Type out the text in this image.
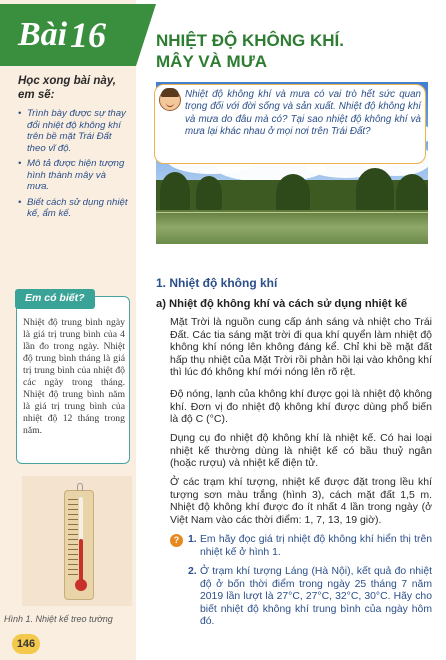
Bài 16
Học xong bài này, em sẽ:
• Trình bày được sự thay đổi nhiệt độ không khí trên bề mặt Trái Đất theo vĩ độ.
• Mô tả được hiện tượng hình thành mây và mưa.
• Biết cách sử dụng nhiệt kế, ẩm kế.
Em có biết?
Nhiệt độ trung bình ngày là giá trị trung bình của 4 lần đo trong ngày. Nhiệt độ trung bình tháng là giá trị trung bình của nhiệt độ các ngày trong tháng. Nhiệt độ trung bình năm là giá trị trung bình của nhiệt độ 12 tháng trong năm.
Hình 1. Nhiệt kế treo tường
146
NHIỆT ĐỘ KHÔNG KHÍ.
MÂY VÀ MƯA
Nhiệt độ không khí và mưa có vai trò hết sức quan trọng đối với đời sống và sản xuất. Nhiệt độ không khí và mưa do đâu mà có? Tại sao nhiệt độ không khí và mưa lại khác nhau ở mọi nơi trên Trái Đất?
1. Nhiệt độ không khí
a) Nhiệt độ không khí và cách sử dụng nhiệt kế
Mặt Trời là nguồn cung cấp ánh sáng và nhiệt cho Trái Đất. Các tia sáng mặt trời đi qua khí quyển làm nhiệt độ không khí nóng lên không đáng kể. Chỉ khi bề mặt đất hấp thụ nhiệt của Mặt Trời rồi phản hồi lại vào không khí thì lúc đó không khí mới nóng lên rõ rệt.
Độ nóng, lạnh của không khí được gọi là nhiệt độ không khí. Đơn vị đo nhiệt độ không khí được dùng phổ biến là độ C (°C).
Dụng cụ đo nhiệt độ không khí là nhiệt kế. Có hai loại nhiệt kế thường dùng là nhiệt kế có bầu thuỷ ngân (hoặc rượu) và nhiệt kế điện tử.
Ở các trạm khí tượng, nhiệt kế được đặt trong lều khí tượng sơn màu trắng (hình 3), cách mặt đất 1,5 m. Nhiệt độ không khí được đo ít nhất 4 lần trong ngày (ở Việt Nam vào các thời điểm: 1, 7, 13, 19 giờ).
? 1. Em hãy đọc giá trị nhiệt độ không khí hiển thị trên nhiệt kế ở hình 1.
2. Ở trạm khí tượng Láng (Hà Nội), kết quả đo nhiệt độ ở bốn thời điểm trong ngày 25 tháng 7 năm 2019 lần lượt là 27°C, 27°C, 32°C, 30°C. Hãy cho biết nhiệt độ không khí trung bình của ngày hôm đó.
